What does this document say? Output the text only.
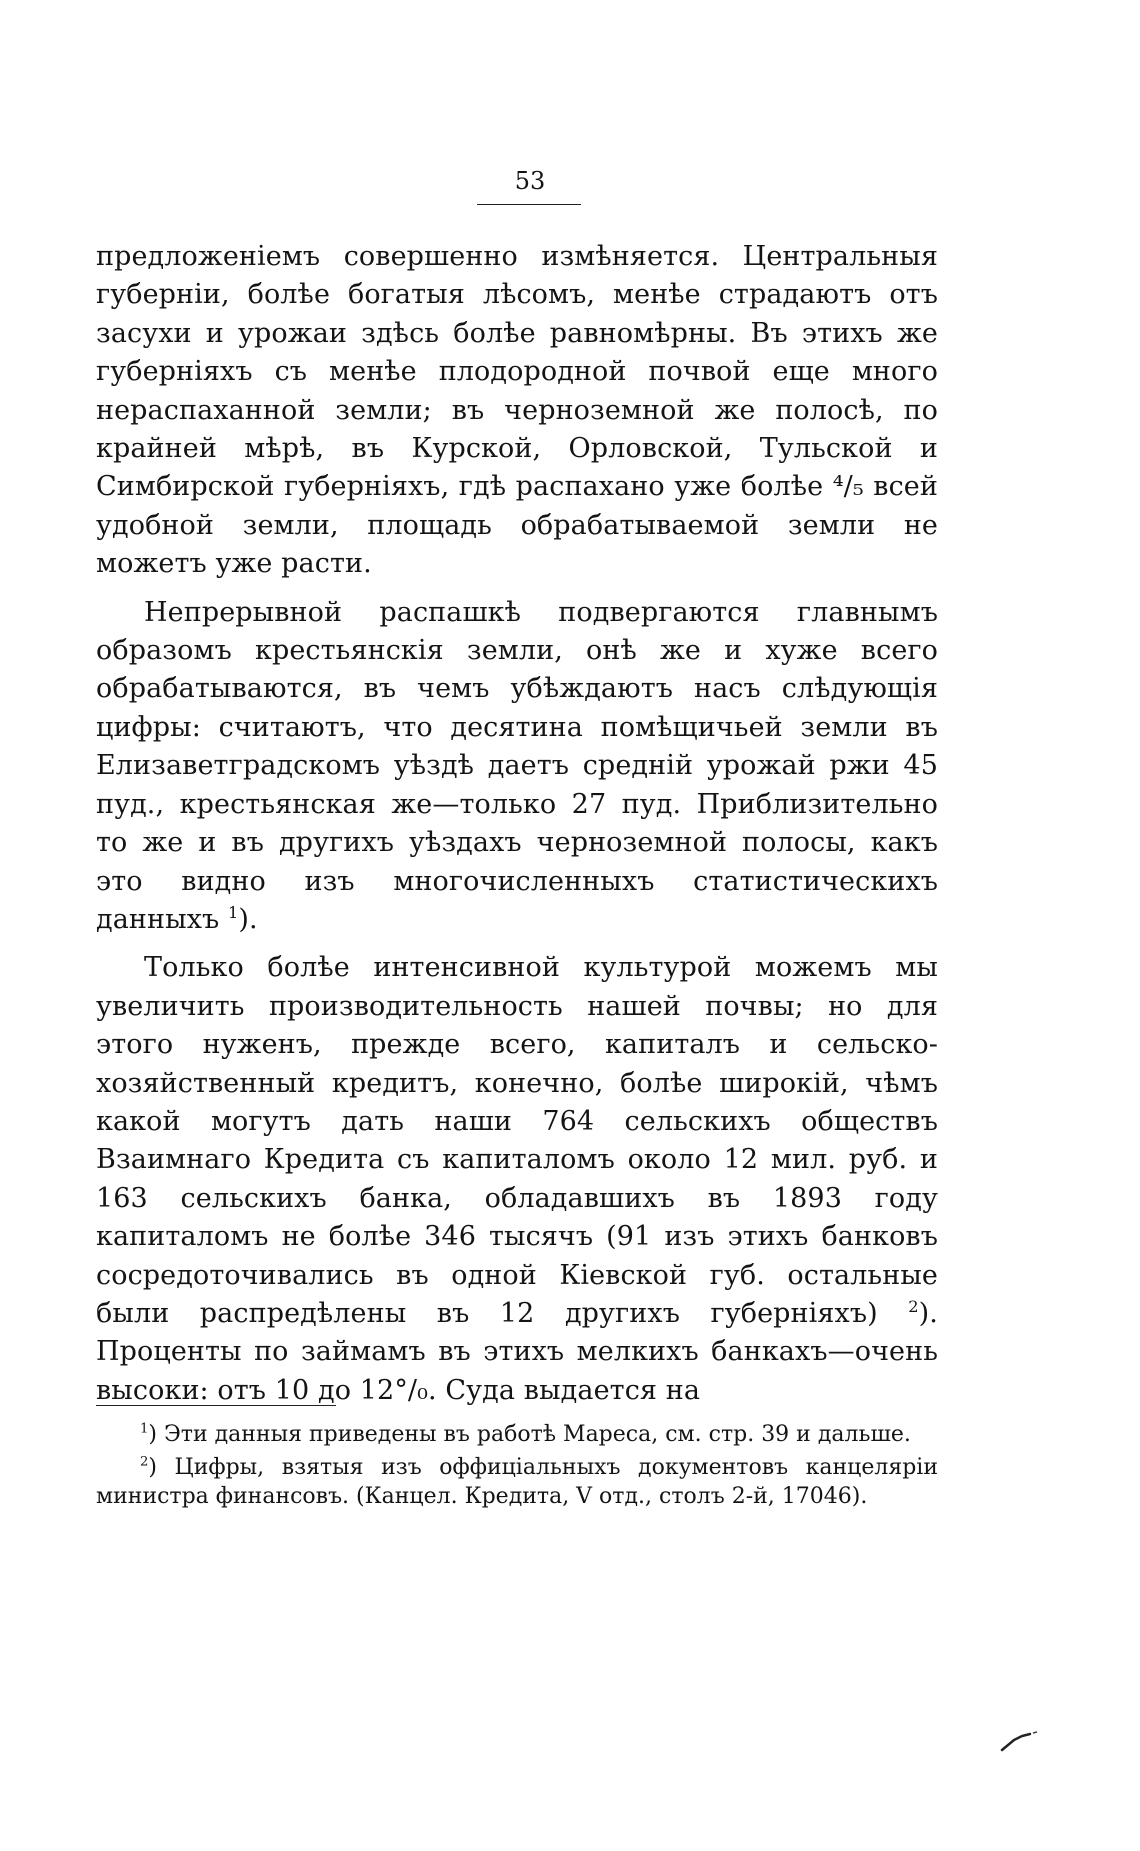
53

предложеніемъ совершенно измѣняется. Центральныя губерніи, болѣе богатыя лѣсомъ, менѣе страдаютъ отъ засухи и урожаи здѣсь болѣе равномѣрны. Въ этихъ же губерніяхъ съ менѣе плодородной почвой еще много нераспаханной земли; въ черноземной же полосѣ, по крайней мѣрѣ, въ Курской, Орловской, Тульской и Симбирской губерніяхъ, гдѣ распахано уже болѣе ⁴/₅ всей удобной земли, площадь обрабатываемой земли не можетъ уже расти.

Непрерывной распашкѣ подвергаются главнымъ образомъ крестьянскія земли, онѣ же и хуже всего обрабатываются, въ чемъ убѣждаютъ насъ слѣдующія цифры: считаютъ, что десятина помѣщичьей земли въ Елизаветградскомъ уѣздѣ даетъ среднiй урожай ржи 45 пуд., крестьянская же—только 27 пуд. Приблизительно то же и въ другихъ уѣздахъ черноземной полосы, какъ это видно изъ многочисленныхъ статистическихъ данныхъ $^1$).

Только болѣе интенсивной культурой можемъ мы увеличить производительность нашей почвы; но для этого нуженъ, прежде всего, капиталъ и сельско-хозяйственный кредитъ, конечно, болѣе широкій, чѣмъ какой могутъ дать наши 764 сельскихъ обществъ Взаимнаго Кредита съ капиталомъ около 12 мил. руб. и 163 сельскихъ банка, обладавшихъ въ 1893 году капиталомъ не болѣе 346 тысячъ (91 изъ этихъ банковъ сосредоточивались въ одной Кіевской губ. остальные были распредѣлены въ 12 другихъ губерніяхъ) $^2$). Проценты по займамъ въ этихъ мелкихъ банкахъ—очень высоки: отъ 10 до 12°/₀. Суда выдается на

$^1$) Эти данныя приведены въ работѣ Мареса, см. стр. 39 и дальше.

$^2$) Цифры, взятыя изъ оффиціальныхъ документовъ канцеляріи министра финансовъ. (Канцел. Кредита, V отд., столъ 2-й, 17046).
